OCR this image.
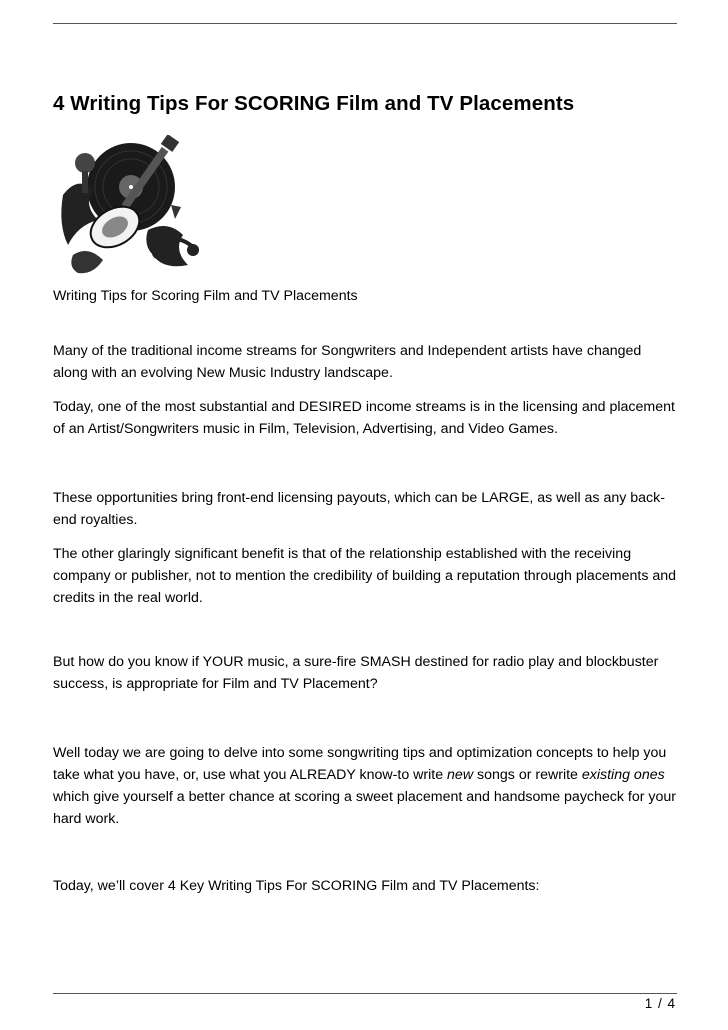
4 Writing Tips For SCORING Film and TV Placements

Writing Tips for Scoring Film and TV Placements

Many of the traditional income streams for Songwriters and Independent artists have changed along with an evolving New Music Industry landscape.

Today, one of the most substantial and DESIRED income streams is in the licensing and placement of an Artist/Songwriters music in Film, Television, Advertising, and Video Games.

These opportunities bring front-end licensing payouts, which can be LARGE, as well as any back-end royalties.

The other glaringly significant benefit is that of the relationship established with the receiving company or publisher, not to mention the credibility of building a reputation through placements and credits in the real world.

But how do you know if YOUR music, a sure-fire SMASH destined for radio play and blockbuster success, is appropriate for Film and TV Placement?

Well today we are going to delve into some songwriting tips and optimization concepts to help you take what you have, or, use what you ALREADY know-to write new songs or rewrite existing ones which give yourself a better chance at scoring a sweet placement and handsome paycheck for your hard work.

Today, we’ll cover 4 Key Writing Tips For SCORING Film and TV Placements:

1 / 4
